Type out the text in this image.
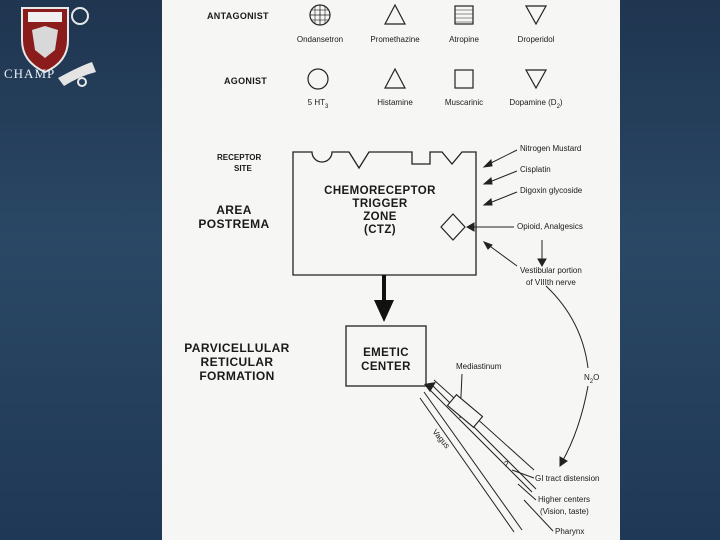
CHAMP
ANTAGONIST
Ondansetron	Promethazine	Atropine	Droperidol
AGONIST
5 $HT_3$	Histamine	Muscarinic	Dopamine $(D_2)$
RECEPTOR
SITE
CHEMORECEPTOR
TRIGGER
ZONE
(CTZ)
AREA
POSTREMA
Nitrogen Mustard
Cisplatin
Digoxin glycoside
Opioid, Analgesics
Vestibular portion
of VIIIth nerve
PARVICELLULAR
RETICULAR
FORMATION
EMETIC
CENTER	Mediastinum
Vagus
?
$N_2O$
GI tract distension
Higher centers
(Vision, taste)
Pharynx
